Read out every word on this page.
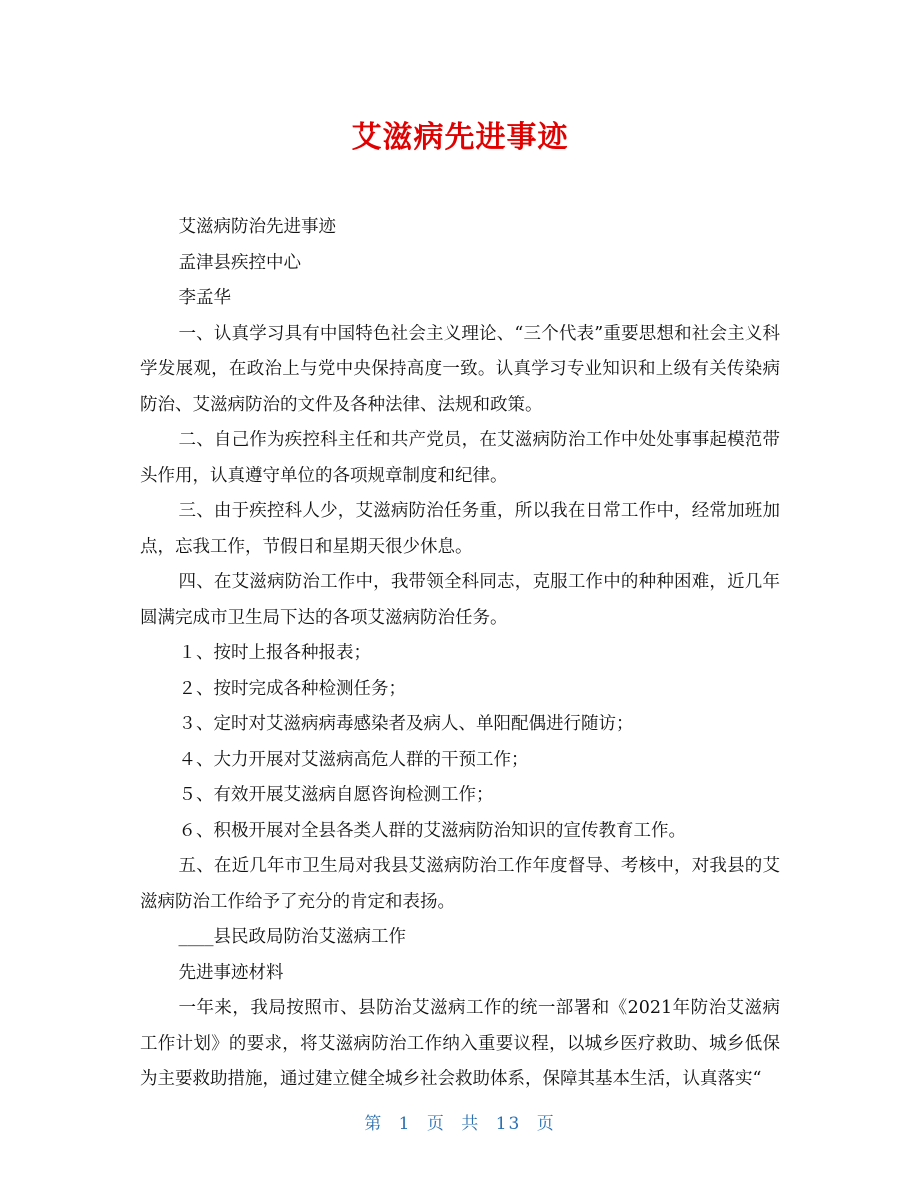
艾滋病先进事迹

艾滋病防治先进事迹

孟津县疾控中心

李孟华

一、认真学习具有中国特色社会主义理论、“三个代表”重要思想和社会主义科学发展观，在政治上与党中央保持高度一致。认真学习专业知识和上级有关传染病防治、艾滋病防治的文件及各种法律、法规和政策。

二、自己作为疾控科主任和共产党员，在艾滋病防治工作中处处事事起模范带头作用，认真遵守单位的各项规章制度和纪律。

三、由于疾控科人少，艾滋病防治任务重，所以我在日常工作中，经常加班加点，忘我工作，节假日和星期天很少休息。

四、在艾滋病防治工作中，我带领全科同志，克服工作中的种种困难，近几年圆满完成市卫生局下达的各项艾滋病防治任务。

１、按时上报各种报表；

２、按时完成各种检测任务；

３、定时对艾滋病病毒感染者及病人、单阳配偶进行随访；

４、大力开展对艾滋病高危人群的干预工作；

５、有效开展艾滋病自愿咨询检测工作；

６、积极开展对全县各类人群的艾滋病防治知识的宣传教育工作。

五、在近几年市卫生局对我县艾滋病防治工作年度督导、考核中，对我县的艾滋病防治工作给予了充分的肯定和表扬。

____县民政局防治艾滋病工作

先进事迹材料

一年来，我局按照市、县防治艾滋病工作的统一部署和《2021年防治艾滋病工作计划》的要求，将艾滋病防治工作纳入重要议程，以城乡医疗救助、城乡低保为主要救助措施，通过建立健全城乡社会救助体系，保障其基本生活，认真落实“

第 1 页 共 13 页
